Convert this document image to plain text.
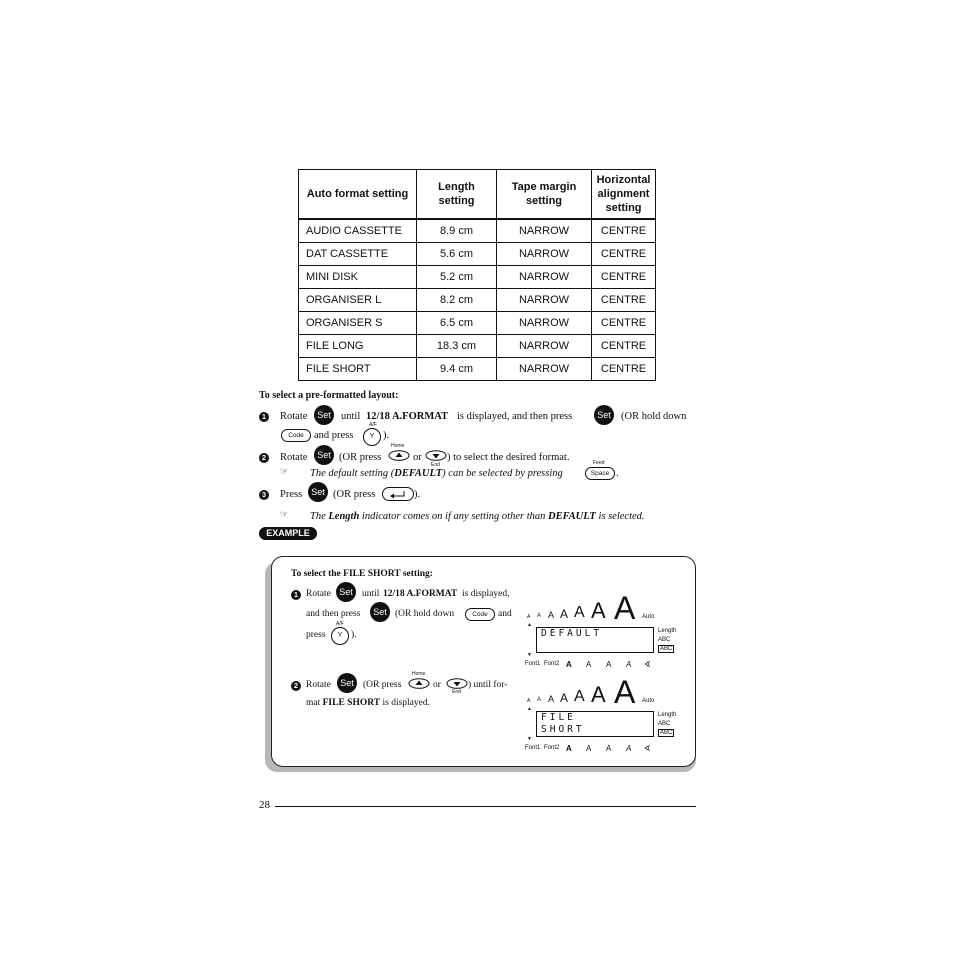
Auto format setting	Length setting	Tape margin setting	Horizontal alignment setting
AUDIO CASSETTE	8.9 cm	NARROW	CENTRE
DAT CASSETTE	5.6 cm	NARROW	CENTRE
MINI DISK	5.2 cm	NARROW	CENTRE
ORGANISER L	8.2 cm	NARROW	CENTRE
ORGANISER S	6.5 cm	NARROW	CENTRE
FILE LONG	18.3 cm	NARROW	CENTRE
FILE SHORT	9.4 cm	NARROW	CENTRE
To select a pre-formatted layout:
1 Rotate	Set until 12/18 A.FORMAT is displayed, and then press	Set (OR hold down
Code and press
A/F
Y ).
2 Rotate	Set (OR press
Home
or
End
) to select the desired format.
☞ The default setting (DEFAULT) can be selected by pressing
Feed
Space .
3 Press	Set (OR press	).
☞ The Length indicator comes on if any setting other than DEFAULT is selected.
EXAMPLE
To select the FILE SHORT setting:
1 Rotate Set until 12/18 A.FORMAT is displayed,
and then press	Set (OR hold down	Code	and
press
A/F
Y ).
2 Rotate	Set (OR press
Home
or
End
) until for-
mat FILE SHORT is displayed.
A A A A A A A Auto
▲
DEFAULT
▼
Length
ABC
ABC
Font1 Font2 A A A A ∢
A A A A A A A Auto
▲
FILE
SHORT
▼
Length
ABC
ABC
Font1 Font2 A A A A ∢
28
